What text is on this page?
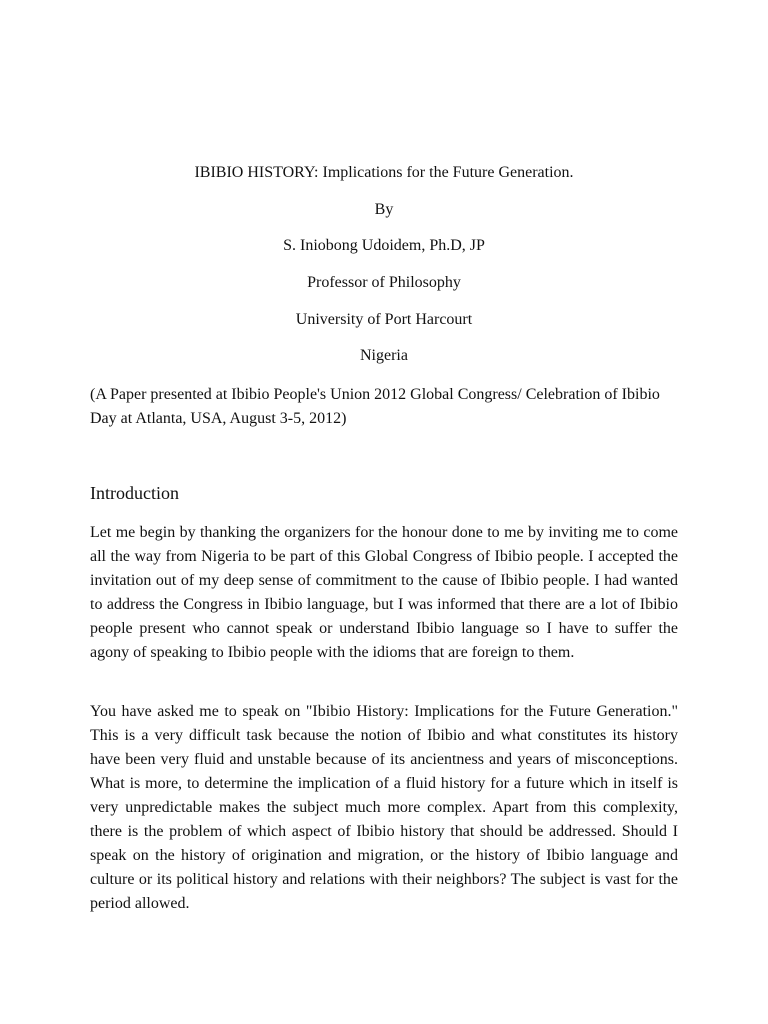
IBIBIO HISTORY: Implications for the Future Generation.
By
S. Iniobong Udoidem, Ph.D, JP
Professor of Philosophy
University of Port Harcourt
Nigeria
(A Paper presented at Ibibio People's Union 2012 Global Congress/ Celebration of Ibibio Day at Atlanta, USA, August 3-5, 2012)
Introduction

Let me begin by thanking the organizers for the honour done to me by inviting me to come all the way from Nigeria to be part of this Global Congress of Ibibio people. I accepted the invitation out of my deep sense of commitment to the cause of Ibibio people. I had wanted to address the Congress in Ibibio language, but I was informed that there are a lot of Ibibio people present who cannot speak or understand Ibibio language so I have to suffer the agony of speaking to Ibibio people with the idioms that are foreign to them.

You have asked me to speak on "Ibibio History: Implications for the Future Generation." This is a very difficult task because the notion of Ibibio and what constitutes its history have been very fluid and unstable because of its ancientness and years of misconceptions. What is more, to determine the implication of a fluid history for a future which in itself is very unpredictable makes the subject much more complex. Apart from this complexity, there is the problem of which aspect of Ibibio history that should be addressed. Should I speak on the history of origination and migration, or the history of Ibibio language and culture or its political history and relations with their neighbors? The subject is vast for the period allowed.
